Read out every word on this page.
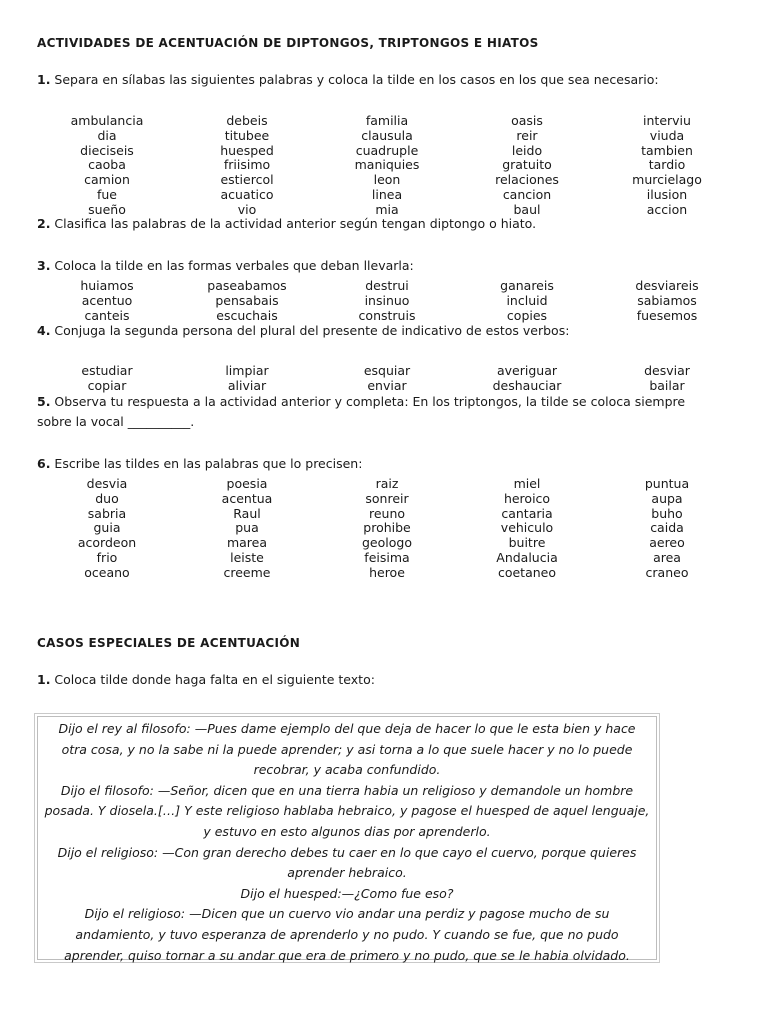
ACTIVIDADES DE ACENTUACIÓN DE DIPTONGOS, TRIPTONGOS E HIATOS
1. Separa en sílabas las siguientes palabras y coloca la tilde en los casos en los que sea necesario:
ambulancia	debeis	familia	oasis	interviu
dia	titubee	clausula	reir	viuda
dieciseis	huesped	cuadruple	leido	tambien
caoba	friisimo	maniquies	gratuito	tardio
camion	estiercol	leon	relaciones	murcielago
fue	acuatico	linea	cancion	ilusion
sueño	vio	mia	baul	accion
2. Clasifica las palabras de la actividad anterior según tengan diptongo o hiato.
3. Coloca la tilde en las formas verbales que deban llevarla:
huiamos	paseabamos	destrui	ganareis	desviareis
acentuo	pensabais	insinuo	incluid	sabiamos
canteis	escuchais	construis	copies	fuesemos
4. Conjuga la segunda persona del plural del presente de indicativo de estos verbos:
estudiar	limpiar	esquiar	averiguar	desviar
copiar	aliviar	enviar	deshauciar	bailar
5. Observa tu respuesta a la actividad anterior y completa: En los triptongos, la tilde se coloca siempre
sobre la vocal __________.
6. Escribe las tildes en las palabras que lo precisen:
desvia	poesia	raiz	miel	puntua
duo	acentua	sonreir	heroico	aupa
sabria	Raul	reuno	cantaria	buho
guia	pua	prohibe	vehiculo	caida
acordeon	marea	geologo	buitre	aereo
frio	leiste	feisima	Andalucia	area
oceano	creeme	heroe	coetaneo	craneo
CASOS ESPECIALES DE ACENTUACIÓN
1. Coloca tilde donde haga falta en el siguiente texto:

Dijo el rey al filosofo: —Pues dame ejemplo del que deja de hacer lo que le esta bien y hace otra cosa, y no la sabe ni la puede aprender; y asi torna a lo que suele hacer y no lo puede recobrar, y acaba confundido.

Dijo el filosofo: —Señor, dicen que en una tierra habia un religioso y demandole un hombre posada. Y diosela.[…] Y este religioso hablaba hebraico, y pagose el huesped de aquel lenguaje, y estuvo en esto algunos dias por aprenderlo.

Dijo el religioso: —Con gran derecho debes tu caer en lo que cayo el cuervo, porque quieres aprender hebraico.

Dijo el huesped:—¿Como fue eso?

Dijo el religioso: —Dicen que un cuervo vio andar una perdiz y pagose mucho de su andamiento, y tuvo esperanza de aprenderlo y no pudo. Y cuando se fue, que no pudo aprender, quiso tornar a su andar que era de primero y no pudo, que se le habia olvidado.
